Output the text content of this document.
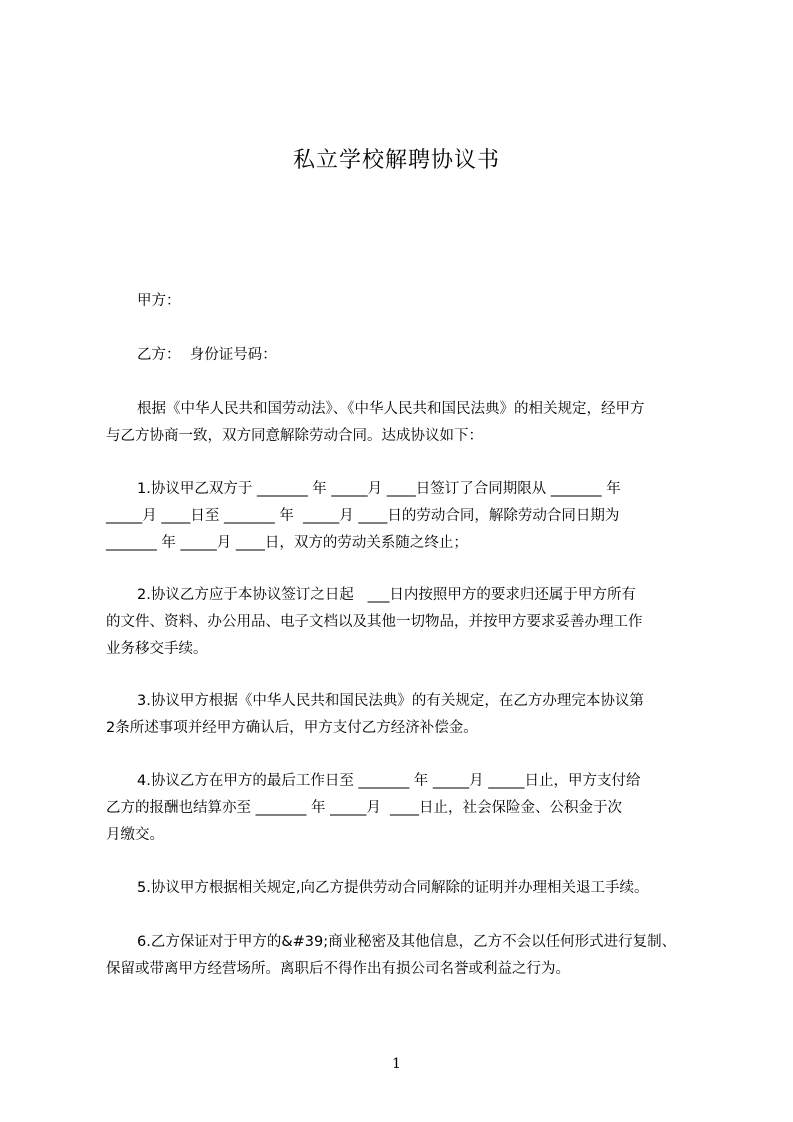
私立学校解聘协议书
甲方：
乙方：  身份证号码：
根据《中华人民共和国劳动法》、《中华人民共和国民法典》的相关规定，经甲方
与乙方协商一致，双方同意解除劳动合同。达成协议如下：
1.协议甲乙双方于 _______ 年 _____月 ____日签订了合同期限从 _______ 年
_____月 ____日至 _______ 年  _____月 ____日的劳动合同，解除劳动合同日期为
_______ 年 _____月 ____日，双方的劳动关系随之终止；
2.协议乙方应于本协议签订之日起   ___日内按照甲方的要求归还属于甲方所有
的文件、资料、办公用品、电子文档以及其他一切物品，并按甲方要求妥善办理工作
业务移交手续。
3.协议甲方根据《中华人民共和国民法典》的有关规定，在乙方办理完本协议第
2条所述事项并经甲方确认后，甲方支付乙方经济补偿金。
4.协议乙方在甲方的最后工作日至 _______ 年 _____月 _____日止，甲方支付给
乙方的报酬也结算亦至 _______ 年 _____月  ____日止，社会保险金、公积金于次
月缴交。
5.协议甲方根据相关规定,向乙方提供劳动合同解除的证明并办理相关退工手续。
6.乙方保证对于甲方的&#39;商业秘密及其他信息，乙方不会以任何形式进行复制、
保留或带离甲方经营场所。离职后不得作出有损公司名誉或利益之行为。
1
